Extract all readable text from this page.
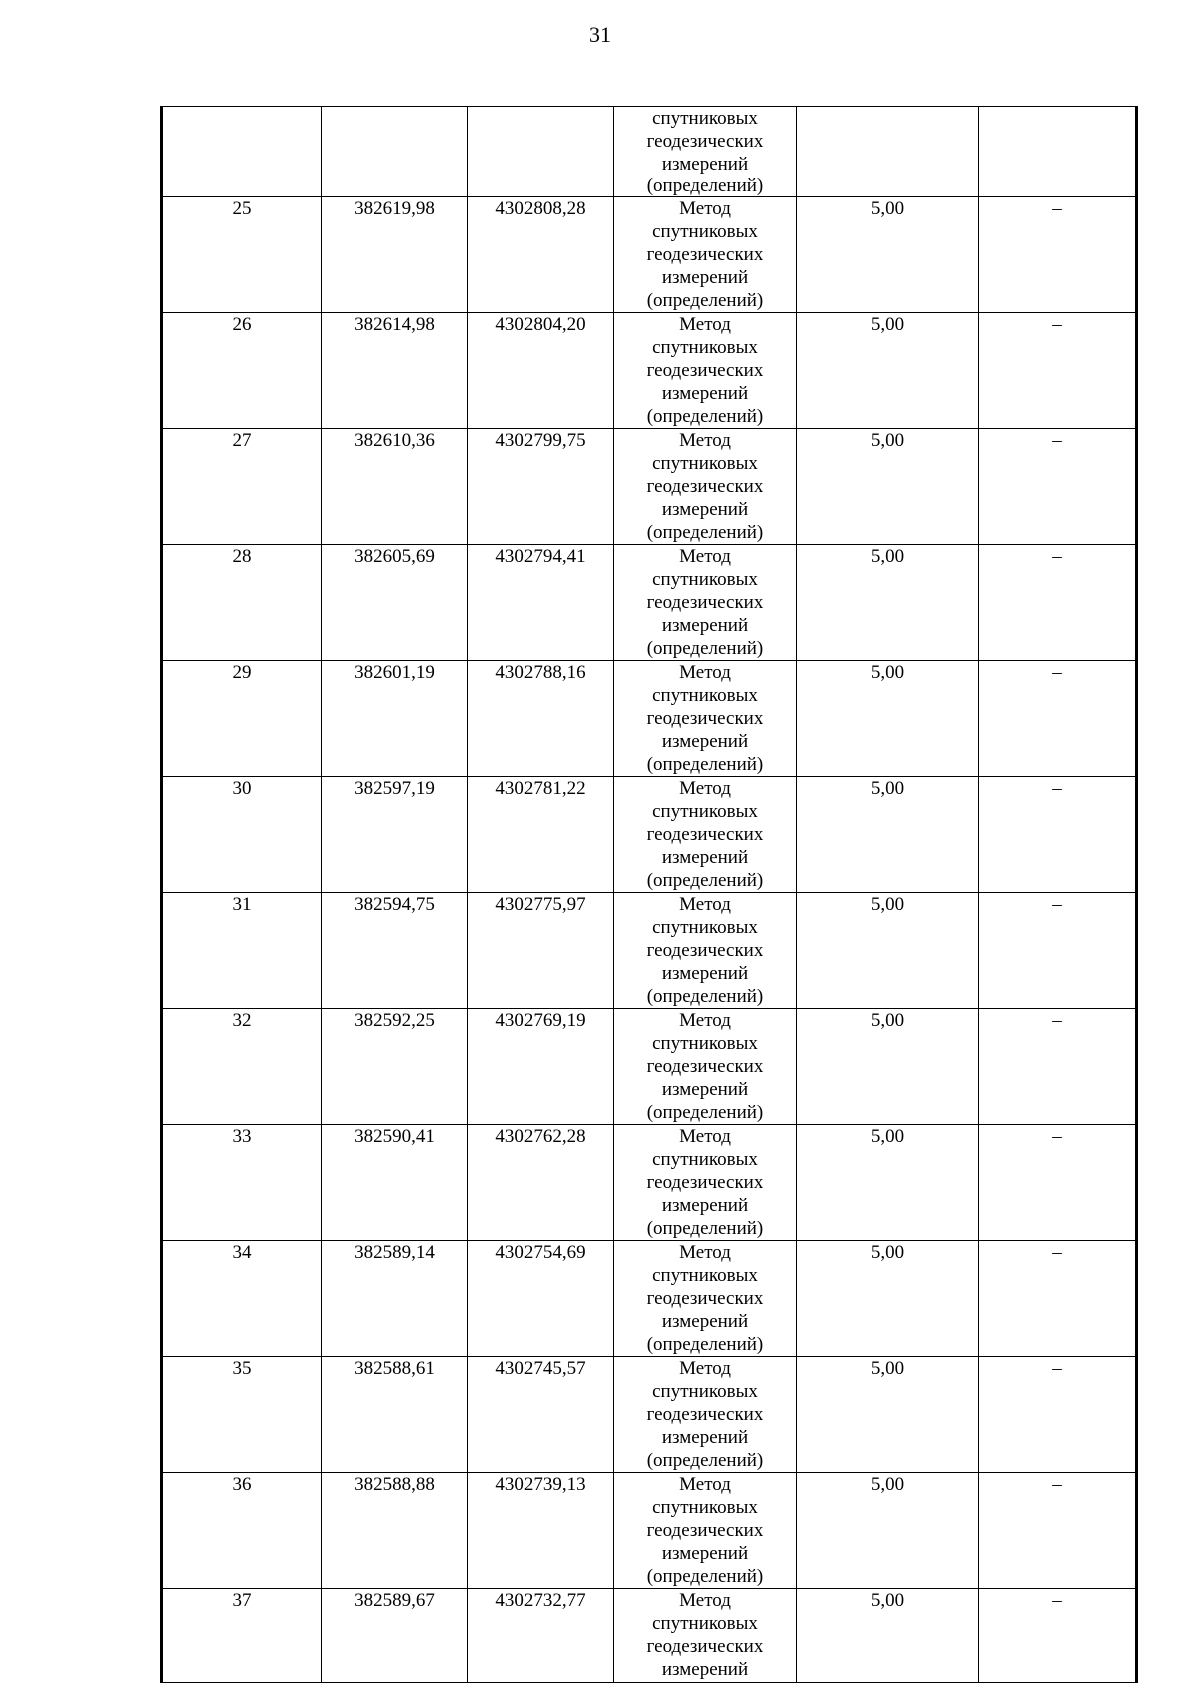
31

			спутниковых
геодезических
измерений
(определений)		

25	382619,98	4302808,28	Метод
спутниковых
геодезических
измерений
(определений)	5,00	–
26	382614,98	4302804,20	Метод
спутниковых
геодезических
измерений
(определений)	5,00	–
27	382610,36	4302799,75	Метод
спутниковых
геодезических
измерений
(определений)	5,00	–
28	382605,69	4302794,41	Метод
спутниковых
геодезических
измерений
(определений)	5,00	–
29	382601,19	4302788,16	Метод
спутниковых
геодезических
измерений
(определений)	5,00	–
30	382597,19	4302781,22	Метод
спутниковых
геодезических
измерений
(определений)	5,00	–
31	382594,75	4302775,97	Метод
спутниковых
геодезических
измерений
(определений)	5,00	–
32	382592,25	4302769,19	Метод
спутниковых
геодезических
измерений
(определений)	5,00	–
33	382590,41	4302762,28	Метод
спутниковых
геодезических
измерений
(определений)	5,00	–
34	382589,14	4302754,69	Метод
спутниковых
геодезических
измерений
(определений)	5,00	–
35	382588,61	4302745,57	Метод
спутниковых
геодезических
измерений
(определений)	5,00	–
36	382588,88	4302739,13	Метод
спутниковых
геодезических
измерений
(определений)	5,00	–
37	382589,67	4302732,77	Метод
спутниковых
геодезических
измерений	5,00	–
